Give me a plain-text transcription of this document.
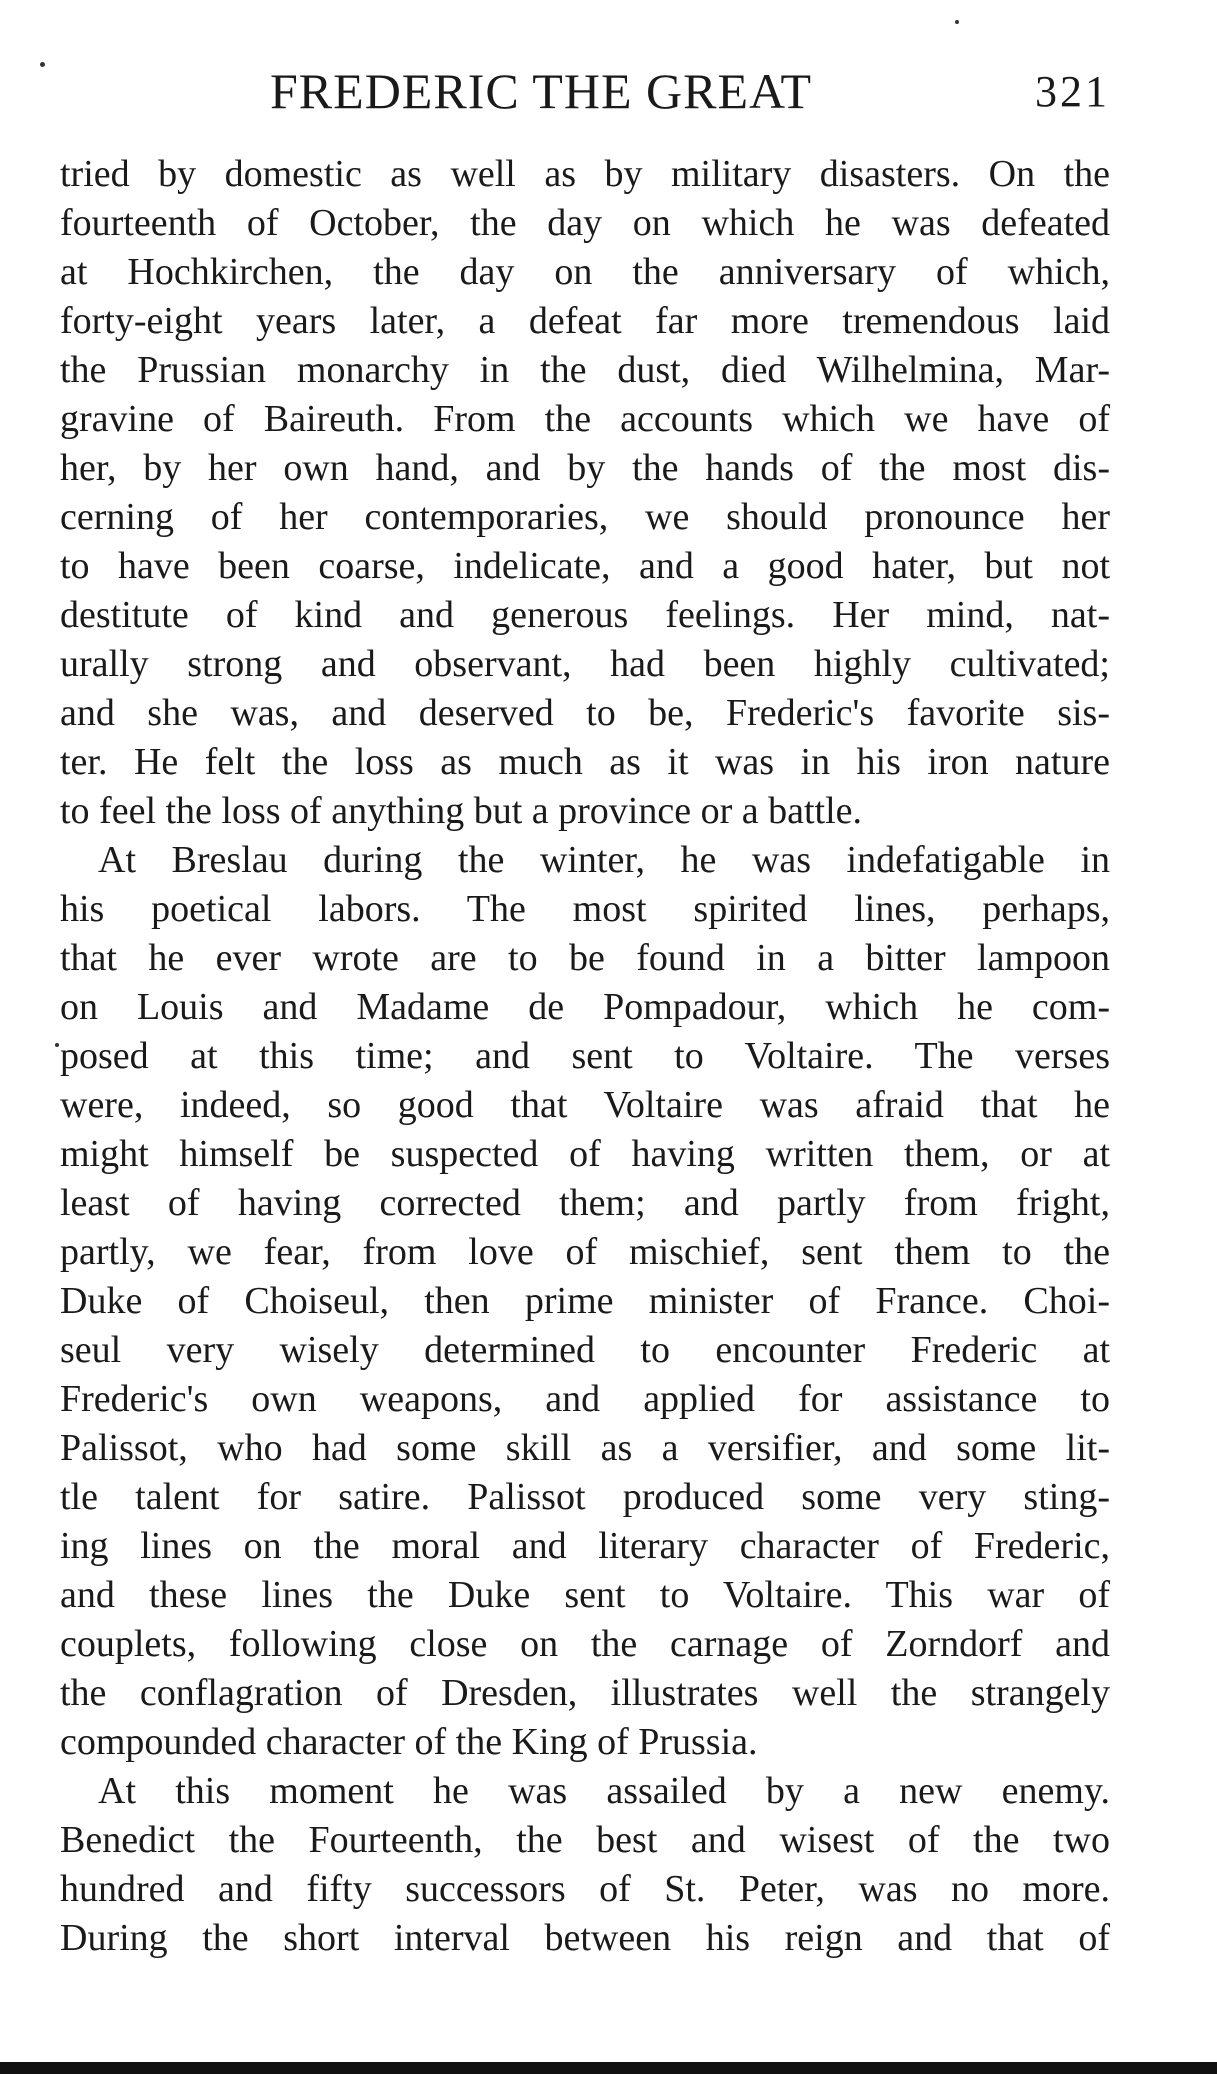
FREDERIC THE GREAT	321
tried by domestic as well as by military disasters. On the
fourteenth of October, the day on which he was defeated
at Hochkirchen, the day on the anniversary of which,
forty-eight years later, a defeat far more tremendous laid
the Prussian monarchy in the dust, died Wilhelmina, Mar-
gravine of Baireuth. From the accounts which we have of
her, by her own hand, and by the hands of the most dis-
cerning of her contemporaries, we should pronounce her
to have been coarse, indelicate, and a good hater, but not
destitute of kind and generous feelings. Her mind, nat-
urally strong and observant, had been highly cultivated;
and she was, and deserved to be, Frederic's favorite sis-
ter. He felt the loss as much as it was in his iron nature
to feel the loss of anything but a province or a battle.
At Breslau during the winter, he was indefatigable in
his poetical labors. The most spirited lines, perhaps,
that he ever wrote are to be found in a bitter lampoon
on Louis and Madame de Pompadour, which he com-
posed at this time; and sent to Voltaire. The verses
were, indeed, so good that Voltaire was afraid that he
might himself be suspected of having written them, or at
least of having corrected them; and partly from fright,
partly, we fear, from love of mischief, sent them to the
Duke of Choiseul, then prime minister of France. Choi-
seul very wisely determined to encounter Frederic at
Frederic's own weapons, and applied for assistance to
Palissot, who had some skill as a versifier, and some lit-
tle talent for satire. Palissot produced some very sting-
ing lines on the moral and literary character of Frederic,
and these lines the Duke sent to Voltaire. This war of
couplets, following close on the carnage of Zorndorf and
the conflagration of Dresden, illustrates well the strangely
compounded character of the King of Prussia.
At this moment he was assailed by a new enemy.
Benedict the Fourteenth, the best and wisest of the two
hundred and fifty successors of St. Peter, was no more.
During the short interval between his reign and that of
